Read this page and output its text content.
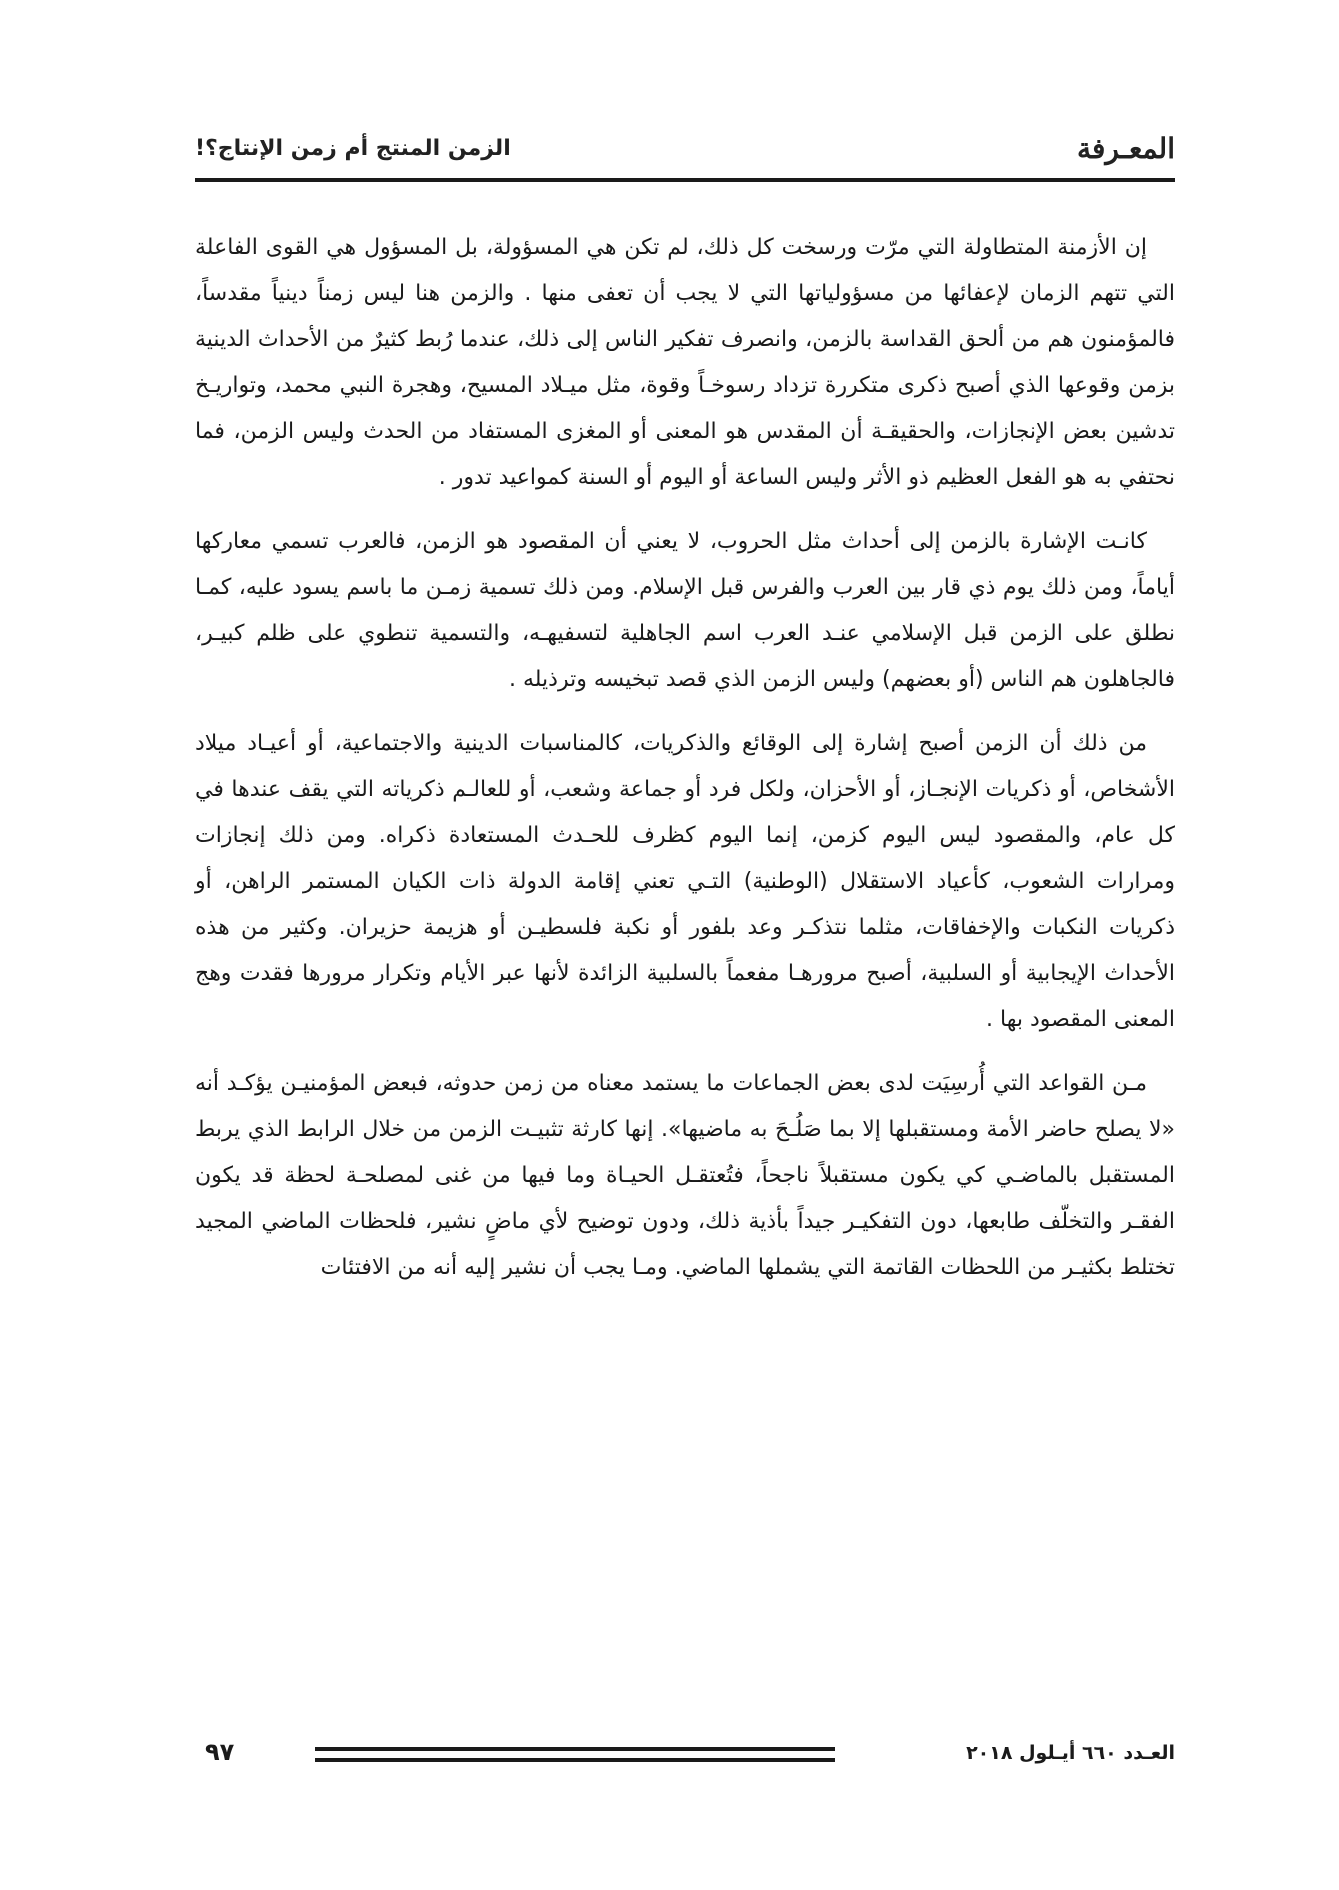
المعـرفة
الزمن المنتج أم زمن الإنتاج؟!

إن الأزمنة المتطاولة التي مرّت ورسخت كل ذلك، لم تكن هي المسؤولة، بل المسؤول هي القوى الفاعلة التي تتهم الزمان لإعفائها من مسؤولياتها التي لا يجب أن تعفى منها . والزمن هنا ليس زمناً دينياً مقدساً، فالمؤمنون هم من ألحق القداسة بالزمن، وانصرف تفكير الناس إلى ذلك، عندما رُبط كثيرٌ من الأحداث الدينية بزمن وقوعها الذي أصبح ذكرى متكررة تزداد رسوخـاً وقوة، مثل ميـلاد المسيح، وهجرة النبي محمد، وتواريـخ تدشين بعض الإنجازات، والحقيقـة أن المقدس هو المعنى أو المغزى المستفاد من الحدث وليس الزمن، فما نحتفي به هو الفعل العظيم ذو الأثر وليس الساعة أو اليوم أو السنة كمواعيد تدور .

كانـت الإشارة بالزمن إلى أحداث مثل الحروب، لا يعني أن المقصود هو الزمن، فالعرب تسمي معاركها أياماً، ومن ذلك يوم ذي قار بين العرب والفرس قبل الإسلام. ومن ذلك تسمية زمـن ما باسم يسود عليه، كمـا نطلق على الزمن قبل الإسلامي عنـد العرب اسم الجاهلية لتسفيهـه، والتسمية تنطوي على ظلم كبيـر، فالجاهلون هم الناس (أو بعضهم) وليس الزمن الذي قصد تبخيسه وترذيله .

من ذلك أن الزمن أصبح إشارة إلى الوقائع والذكريات، كالمناسبات الدينية والاجتماعية، أو أعيـاد ميلاد الأشخاص، أو ذكريات الإنجـاز، أو الأحزان، ولكل فرد أو جماعة وشعب، أو للعالـم ذكرياته التي يقف عندها في كل عام، والمقصود ليس اليوم كزمن، إنما اليوم كظرف للحـدث المستعادة ذكراه. ومن ذلك إنجازات ومرارات الشعوب، كأعياد الاستقلال (الوطنية) التـي تعني إقامة الدولة ذات الكيان المستمر الراهن، أو ذكريات النكبات والإخفاقات، مثلما نتذكـر وعد بلفور أو نكبة فلسطيـن أو هزيمة حزيران. وكثير من هذه الأحداث الإيجابية أو السلبية، أصبح مرورهـا مفعماً بالسلبية الزائدة لأنها عبر الأيام وتكرار مرورها فقدت وهج المعنى المقصود بها .

مـن القواعد التي أُرسِيَت لدى بعض الجماعات ما يستمد معناه من زمن حدوثه، فبعض المؤمنيـن يؤكـد أنه «لا يصلح حاضر الأمة ومستقبلها إلا بما صَلُـحَ به ماضيها». إنها كارثة تثبيـت الزمن من خلال الرابط الذي يربط المستقبل بالماضـي كي يكون مستقبلاً ناجحاً، فتُعتقـل الحيـاة وما فيها من غنى لمصلحـة لحظة قد يكون الفقـر والتخلّف طابعها، دون التفكيـر جيداً بأذية ذلك، ودون توضيح لأي ماضٍ نشير، فلحظات الماضي المجيد تختلط بكثيـر من اللحظات القاتمة التي يشملها الماضي. ومـا يجب أن نشير إليه أنه من الافتئات

٩٧	العـدد ٦٦٠ أيـلول ٢٠١٨
